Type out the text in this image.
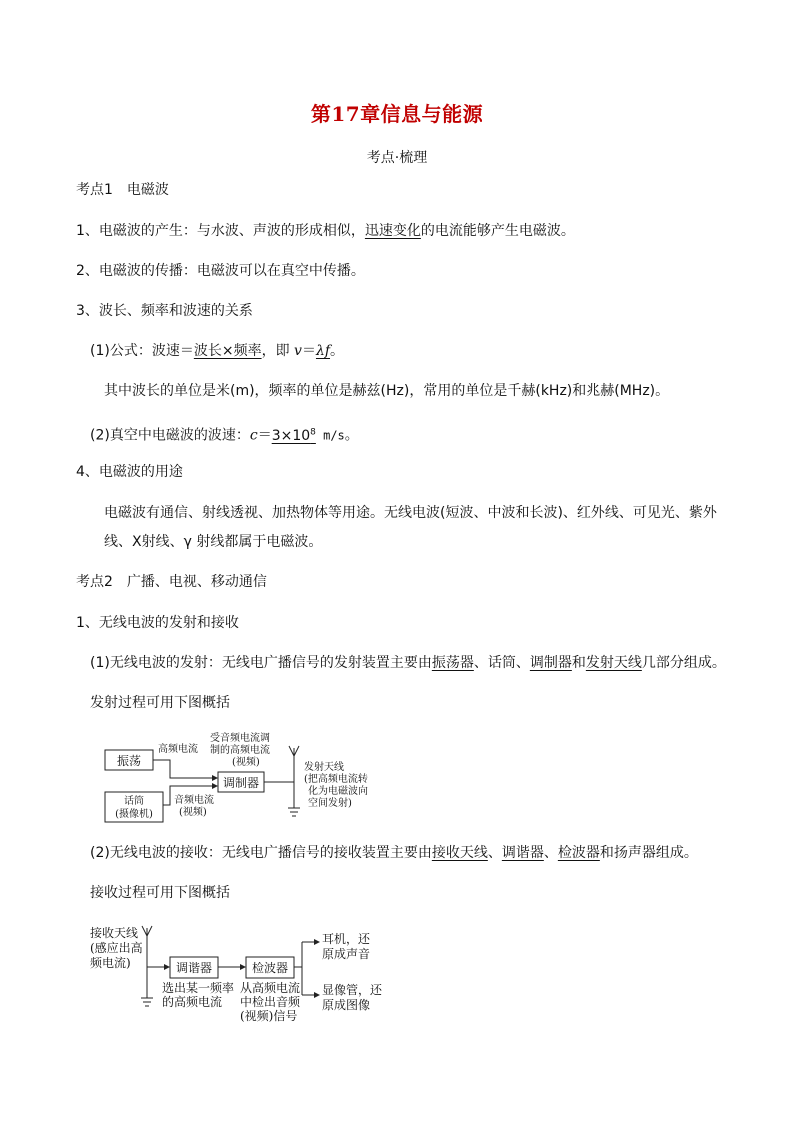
第17章信息与能源
考点·梳理
考点1　电磁波
1、电磁波的产生：与水波、声波的形成相似，迅速变化的电流能够产生电磁波。
2、电磁波的传播：电磁波可以在真空中传播。
3、波长、频率和波速的关系
(1)公式：波速＝波长×频率，即 v＝λf。
其中波长的单位是米(m)，频率的单位是赫兹(Hz)，常用的单位是千赫(kHz)和兆赫(MHz)。
(2)真空中电磁波的波速：$c=3\times 10^8$ m/s。
4、电磁波的用途
电磁波有通信、射线透视、加热物体等用途。无线电波(短波、中波和长波)、红外线、可见光、紫外线、X射线、γ 射线都属于电磁波。
考点2　广播、电视、移动通信
1、无线电波的发射和接收
(1)无线电波的发射：无线电广播信号的发射装置主要由振荡器、话筒、调制器和发射天线几部分组成。
发射过程可用下图概括
振荡
高频电流
受音频电流调
制的高频电流
(视频)
调制器
话筒
(摄像机)
音频电流
(视频)
发射天线
(把高频电流转
化为电磁波向
空间发射)
(2)无线电波的接收：无线电广播信号的接收装置主要由接收天线、调谐器、检波器和扬声器组成。
接收过程可用下图概括
接收天线
(感应出高
频电流)	调谐器
选出某一频率
的高频电流
检波器
从高频电流
中检出音频
(视频)信号
耳机，还
原成声音
显像管，还
原成图像
